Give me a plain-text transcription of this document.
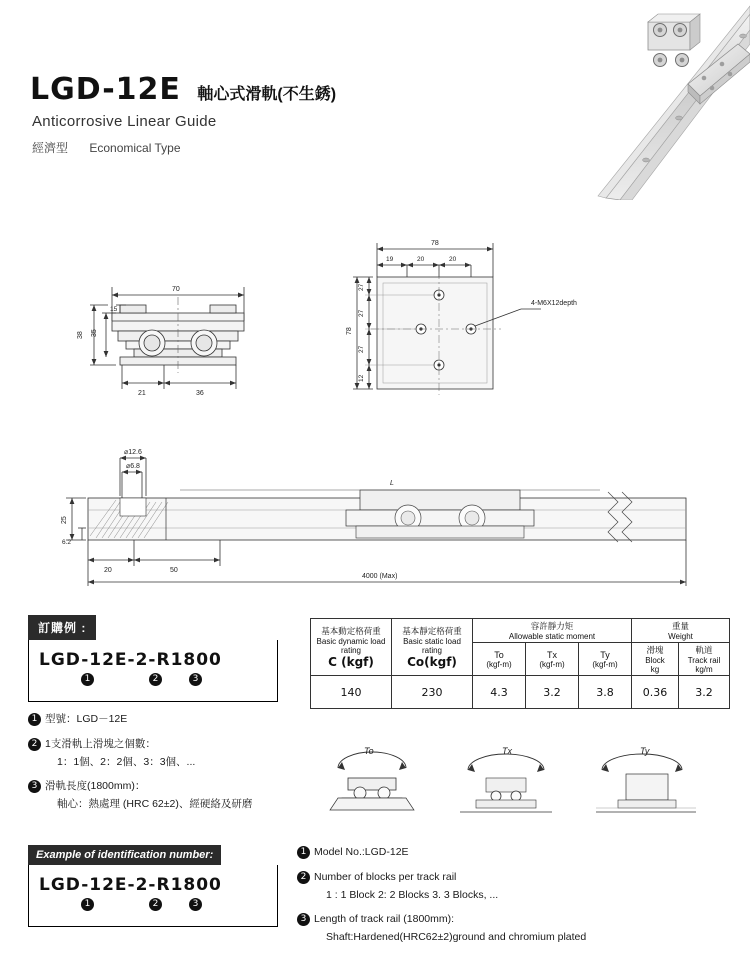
LGD-12E 軸心式滑軌(不生銹)
Anticorrosive Linear Guide
經濟型 Economical Type
70
38 35
15
21	36
78
19	20	20
4-M6X12depth
78
27
27
27
12
⌀12.6
⌀6.8
L
25
6.2
20	50
4000 (Max)
訂購例 :
LGD-12E-2-R1800
1	2	3
1 型號：LGD－12E
2 1支滑軌上滑塊之個數：
1：1個、2：2個、3：3個、...
3 滑軌長度(1800mm)：
軸心：熱處理 (HRC 62±2)、經硬絡及研磨
Example of identification number:
LGD-12E-2-R1800
1	2	3
1 Model No.:LGD-12E
2 Number of blocks per track rail
1 : 1 Block 2: 2 Blocks 3. 3 Blocks, ...
3 Length of track rail (1800mm):
Shaft:Hardened(HRC62±2)ground and chromium plated
基本動定格荷重
Basic dynamic load rating
C (kgf)

基本靜定格荷重
Basic static load rating
Co(kgf)

容許靜力矩
Allowable static moment

重量
Weight

To
(kgf-m)

Tx
(kgf-m)

Ty
(kgf-m)

滑塊
Block
kg

軌道
Track rail
kg/m

140	230	4.3	3.2	3.8	0.36	3.2
To	Tx	Ty
